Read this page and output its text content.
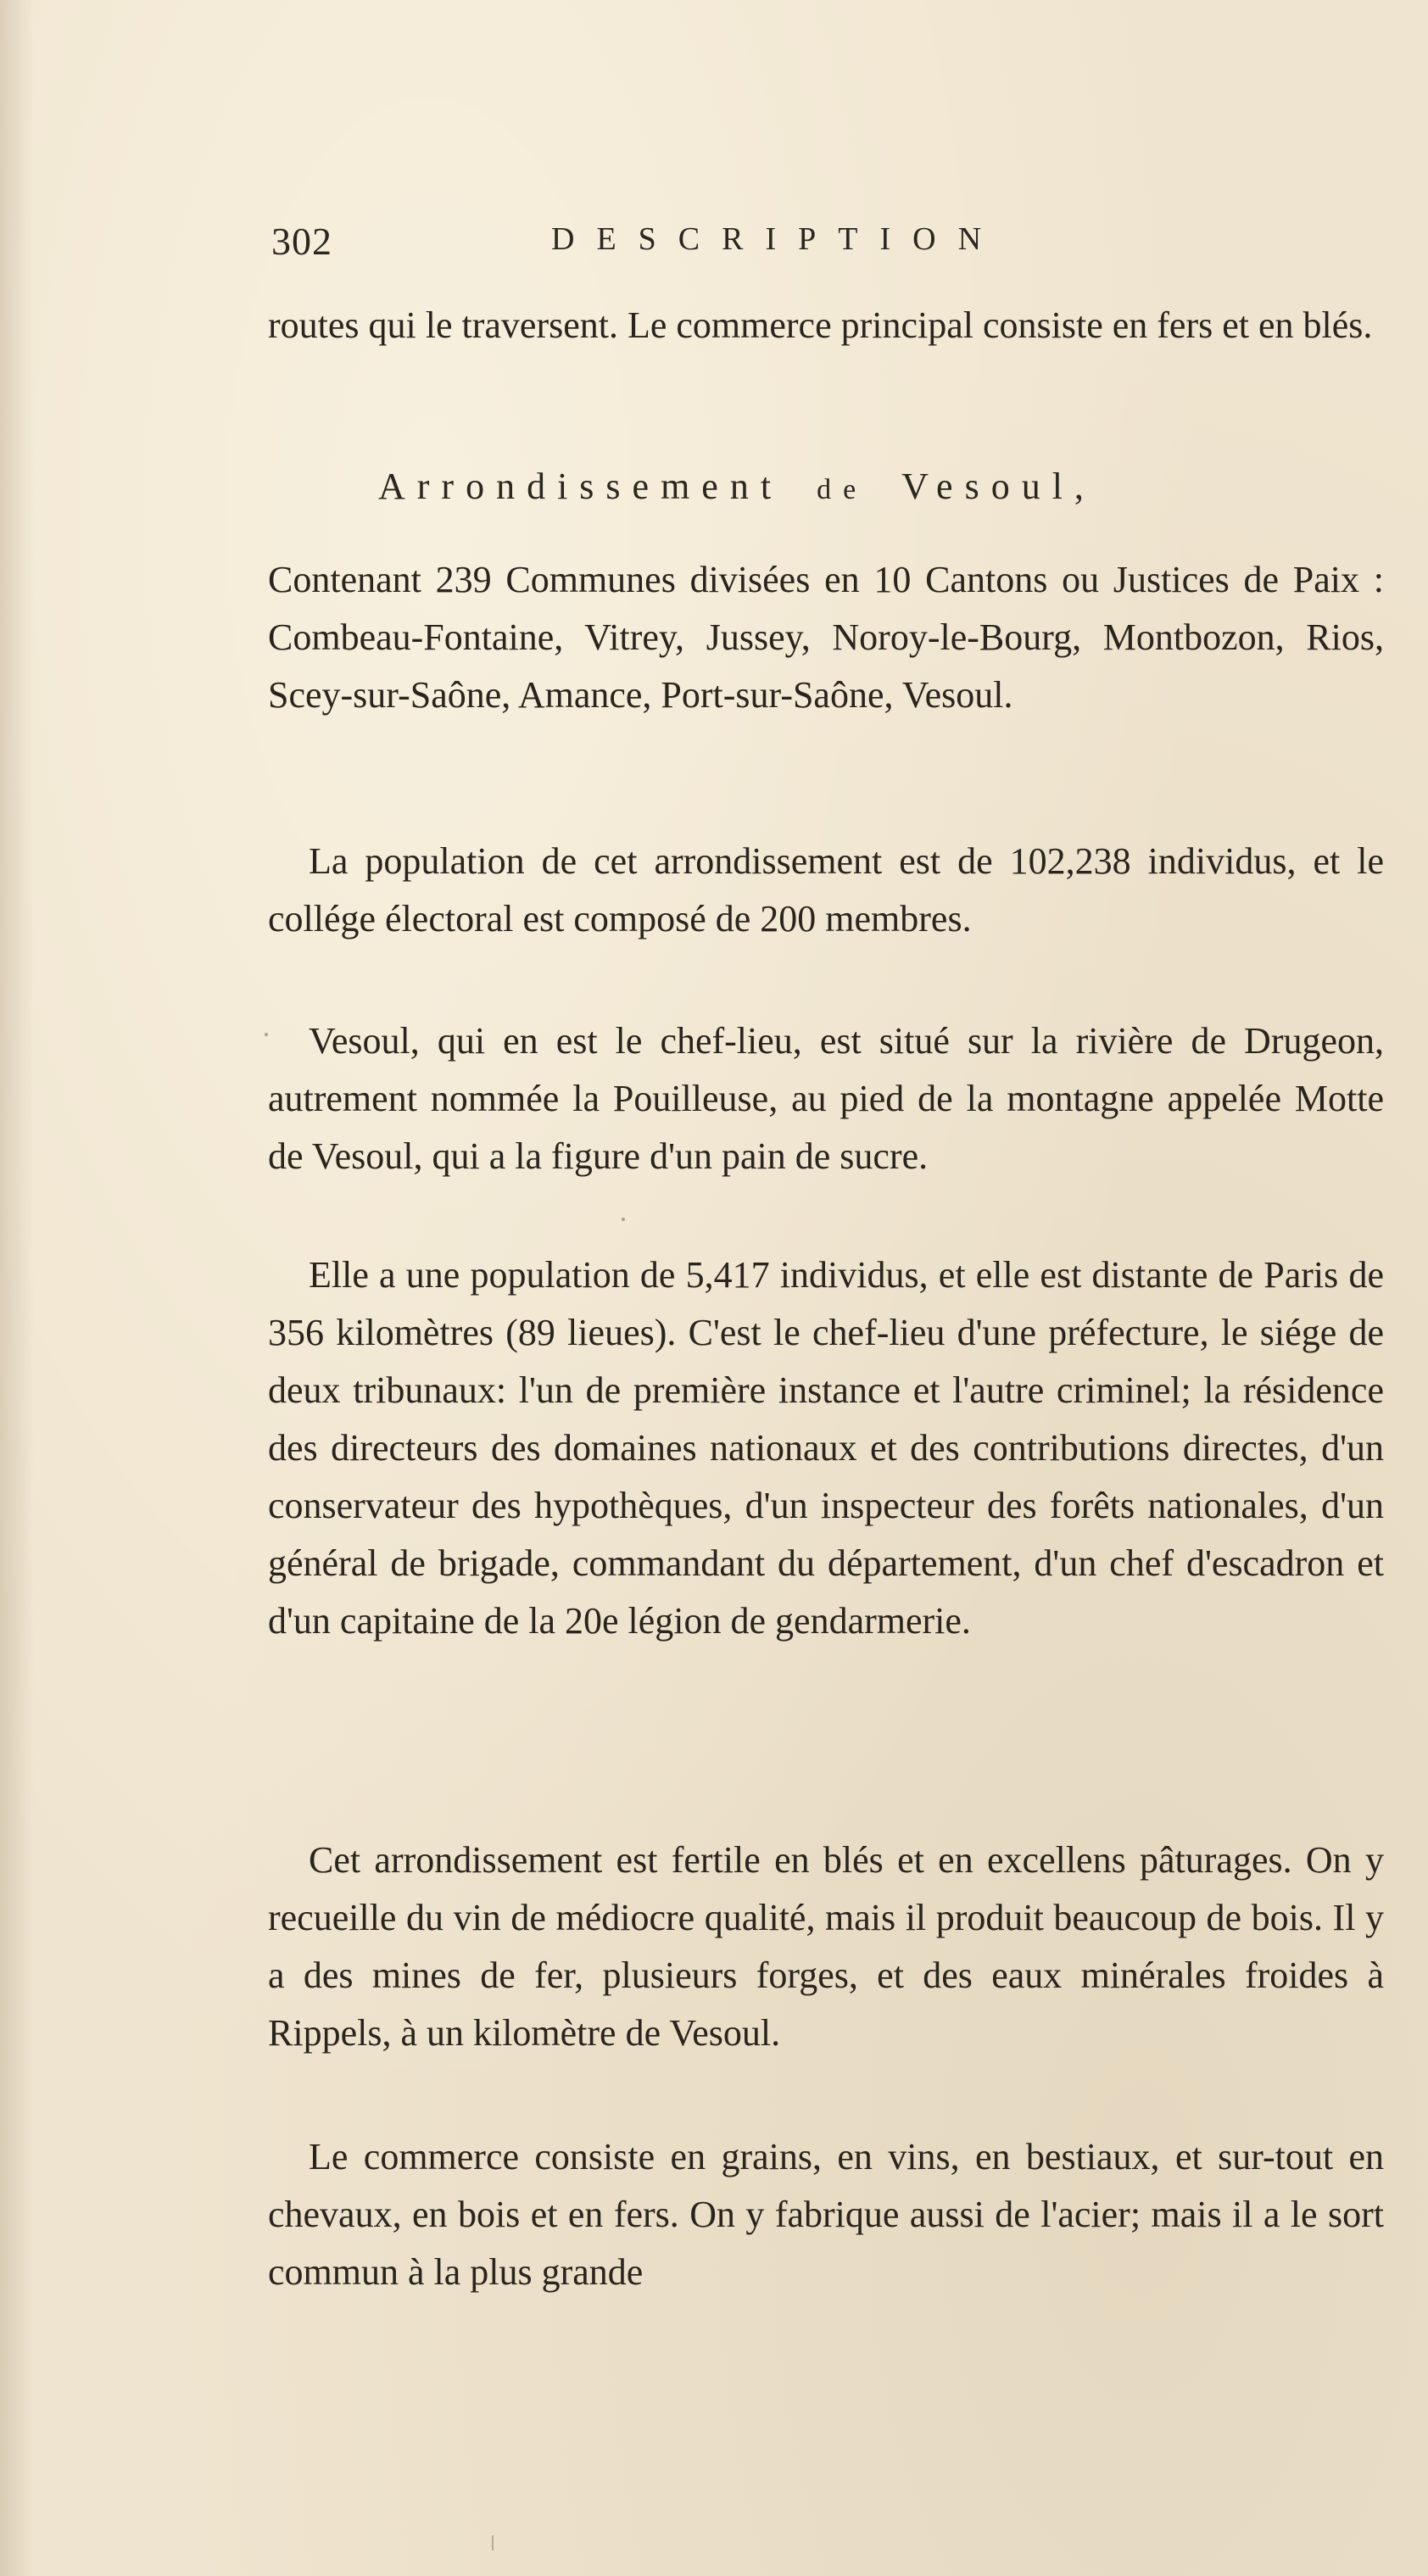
302	DESCRIPTION

routes qui le traversent. Le commerce principal consiste en fers et en blés.

Arrondissement de Vesoul,

Contenant 239 Communes divisées en 10 Cantons ou Justices de Paix : Combeau-Fontaine, Vitrey, Jussey, Noroy-le-Bourg, Montbozon, Rios, Scey-sur-Saône, Amance, Port-sur-Saône, Vesoul.

La population de cet arrondissement est de 102,238 individus, et le collége électoral est composé de 200 membres.

Vesoul, qui en est le chef-lieu, est situé sur la rivière de Drugeon, autrement nommée la Pouilleuse, au pied de la montagne appelée Motte de Vesoul, qui a la figure d'un pain de sucre.

Elle a une population de 5,417 individus, et elle est distante de Paris de 356 kilomètres (89 lieues). C'est le chef-lieu d'une préfecture, le siége de deux tribunaux: l'un de première instance et l'autre criminel; la résidence des directeurs des domaines nationaux et des contributions directes, d'un conservateur des hypothèques, d'un inspecteur des forêts nationales, d'un général de brigade, commandant du département, d'un chef d'escadron et d'un capitaine de la 20e légion de gendarmerie.

Cet arrondissement est fertile en blés et en excellens pâturages. On y recueille du vin de médiocre qualité, mais il produit beaucoup de bois. Il y a des mines de fer, plusieurs forges, et des eaux minérales froides à Rippels, à un kilomètre de Vesoul.

Le commerce consiste en grains, en vins, en bestiaux, et sur-tout en chevaux, en bois et en fers. On y fabrique aussi de l'acier; mais il a le sort commun à la plus grande
